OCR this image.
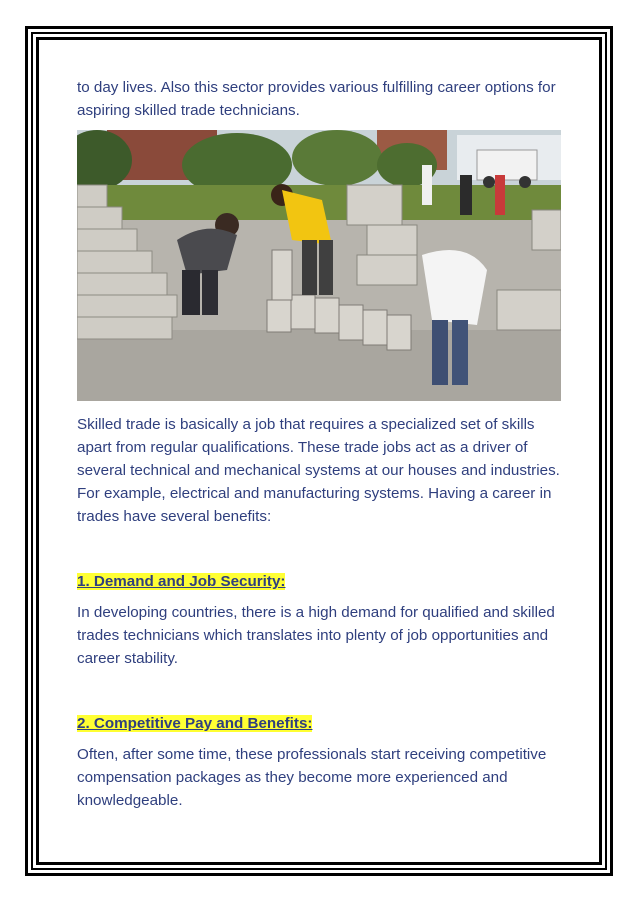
to day lives. Also this sector provides various fulfilling career options for aspiring skilled trade technicians.

Skilled trade is basically a job that requires a specialized set of skills apart from regular qualifications. These trade jobs act as a driver of several technical and mechanical systems at our houses and industries. For example, electrical and manufacturing systems. Having a career in trades have several benefits:

1. Demand and Job Security:

In developing countries, there is a high demand for qualified and skilled trades technicians which translates into plenty of job opportunities and career stability.

2. Competitive Pay and Benefits:

Often, after some time, these professionals start receiving competitive compensation packages as they become more experienced and knowledgeable.
